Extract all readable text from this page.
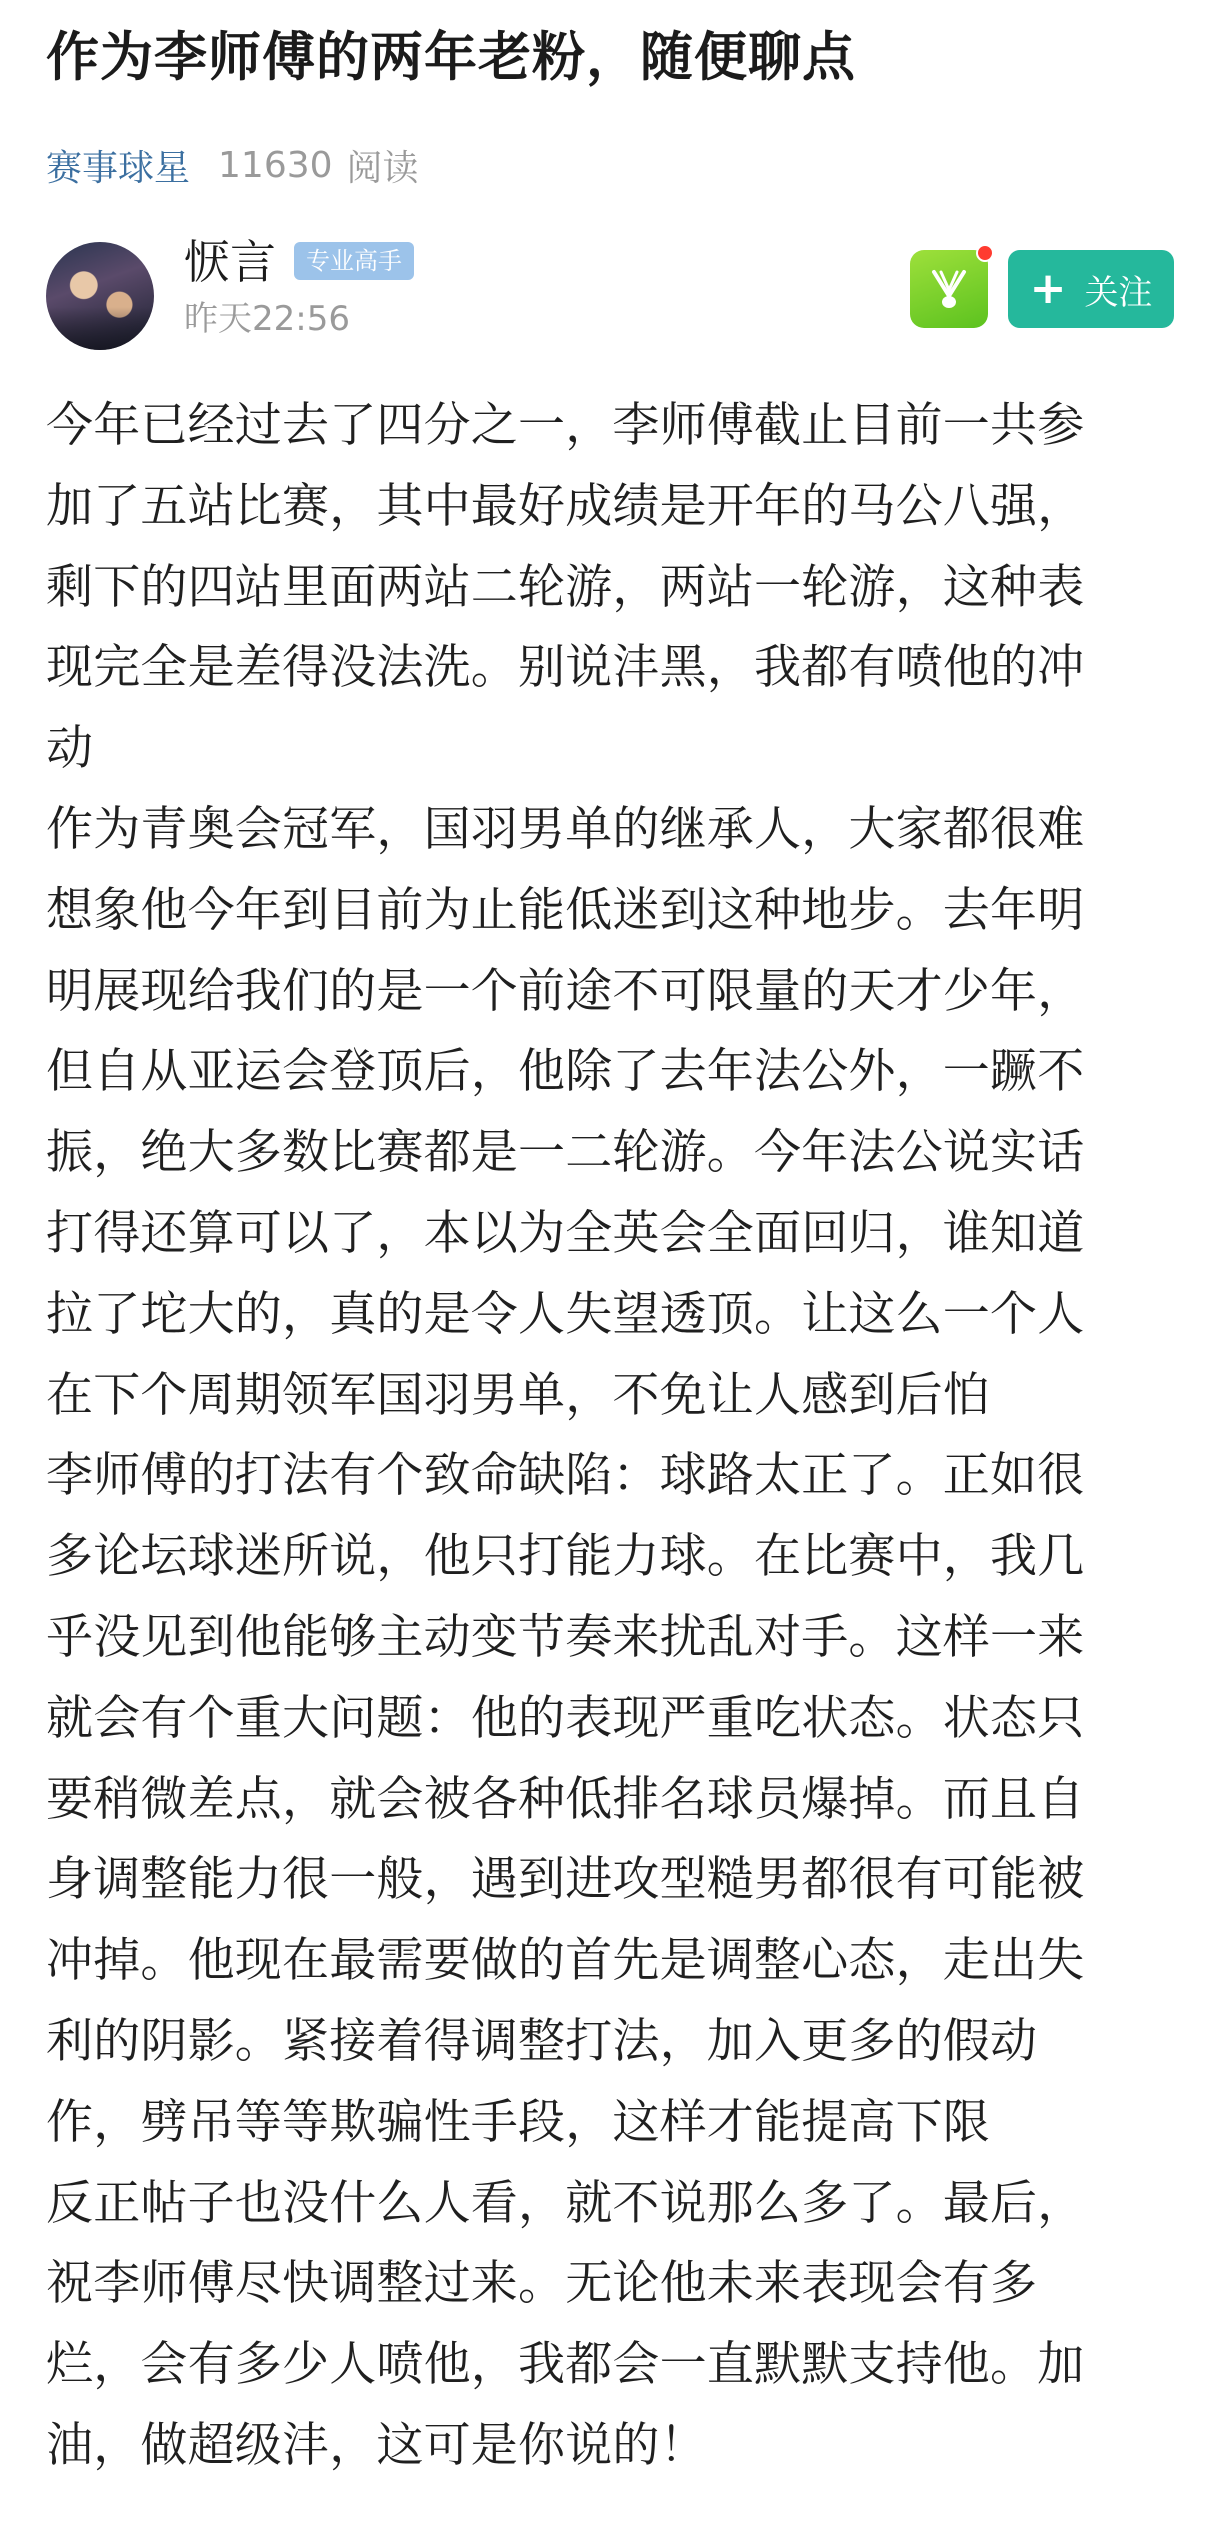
作为李师傅的两年老粉，随便聊点
赛事球星 11630 阅读
恹言	专业高手
昨天22:56
+ 关注

今年已经过去了四分之一，李师傅截止目前一共参

加了五站比赛，其中最好成绩是开年的马公八强，

剩下的四站里面两站二轮游，两站一轮游，这种表

现完全是差得没法洗。别说沣黑，我都有喷他的冲

动

作为青奥会冠军，国羽男单的继承人，大家都很难

想象他今年到目前为止能低迷到这种地步。去年明

明展现给我们的是一个前途不可限量的天才少年，

但自从亚运会登顶后，他除了去年法公外，一蹶不

振，绝大多数比赛都是一二轮游。今年法公说实话

打得还算可以了，本以为全英会全面回归，谁知道

拉了坨大的，真的是令人失望透顶。让这么一个人

在下个周期领军国羽男单，不免让人感到后怕

李师傅的打法有个致命缺陷：球路太正了。正如很

多论坛球迷所说，他只打能力球。在比赛中，我几

乎没见到他能够主动变节奏来扰乱对手。这样一来

就会有个重大问题：他的表现严重吃状态。状态只

要稍微差点，就会被各种低排名球员爆掉。而且自

身调整能力很一般，遇到进攻型糙男都很有可能被

冲掉。他现在最需要做的首先是调整心态，走出失

利的阴影。紧接着得调整打法，加入更多的假动

作，劈吊等等欺骗性手段，这样才能提高下限

反正帖子也没什么人看，就不说那么多了。最后，

祝李师傅尽快调整过来。无论他未来表现会有多

烂，会有多少人喷他，我都会一直默默支持他。加

油，做超级沣，这可是你说的！
